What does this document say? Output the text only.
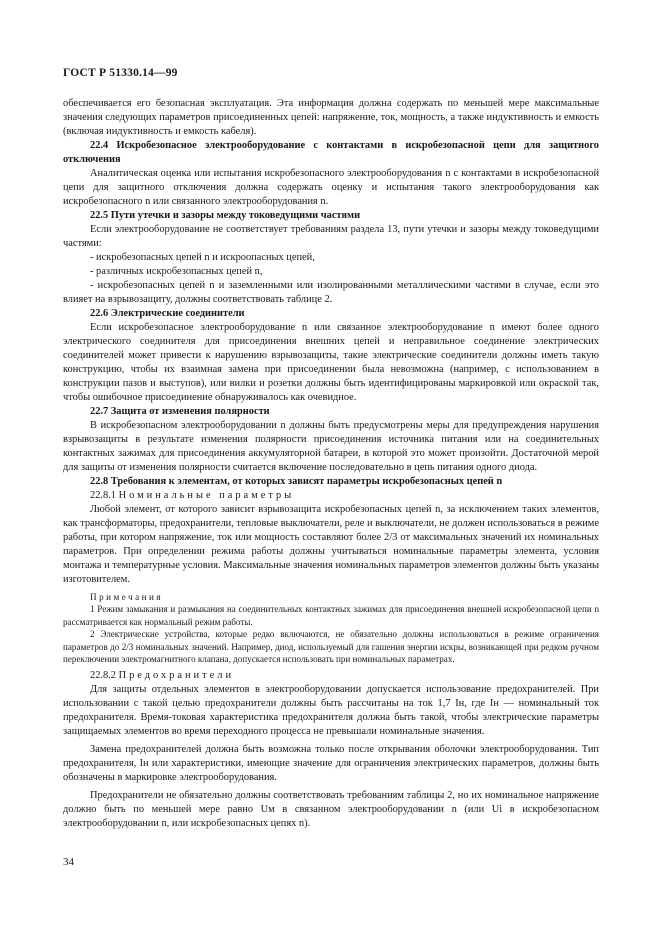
ГОСТ Р 51330.14—99

обеспечивается его безопасная эксплуатация. Эта информация должна содержать по меньшей мере максимальные значения следующих параметров присоединенных цепей: напряжение, ток, мощность, а также индуктивность и емкость (включая индуктивность и емкость кабеля).

22.4 Искробезопасное электрооборудование с контактами в искробезопасной цепи для защитного отключения

Аналитическая оценка или испытания искробезопасного электрооборудования n с контактами в искробезопасной цепи для защитного отключения должна содержать оценку и испытания такого электрооборудования как искробезопасного n или связанного электрооборудования n.

22.5 Пути утечки и зазоры между токоведущими частями

Если электрооборудование не соответствует требованиям раздела 13, пути утечки и зазоры между токоведущими частями:

- искробезопасных цепей n и искроопасных цепей,

- различных искробезопасных цепей n,

- искробезопасных цепей n и заземленными или изолированными металлическими частями в случае, если это влияет на взрывозащиту, должны соответствовать таблице 2.

22.6 Электрические соединители

Если искробезопасное электрооборудование n или связанное электрооборудование n имеют более одного электрического соединителя для присоединения внешних цепей и неправильное соединение электрических соединителей может привести к нарушению взрывозащиты, такие электрические соединители должны иметь такую конструкцию, чтобы их взаимная замена при присоединении была невозможна (например, с использованием в конструкции пазов и выступов), или вилки и розетки должны быть идентифицированы маркировкой или окраской так, чтобы ошибочное присоединение обнаруживалось как очевидное.

22.7 Защита от изменения полярности

В искробезопасном электрооборудовании n должны быть предусмотрены меры для предупреждения нарушения взрывозащиты в результате изменения полярности присоединения источника питания или на соединительных контактных зажимах для присоединения аккумуляторной батареи, в которой это может произойти. Достаточной мерой для защиты от изменения полярности считается включение последовательно в цепь питания одного диода.

22.8 Требования к элементам, от которых зависят параметры искробезопасных цепей n

22.8.1 Номинальные параметры

Любой элемент, от которого зависит взрывозащита искробезопасных цепей n, за исключением таких элементов, как трансформаторы, предохранители, тепловые выключатели, реле и выключатели, не должен использоваться в режиме работы, при котором напряжение, ток или мощность составляют более 2/3 от максимальных значений их номинальных параметров. При определении режима работы должны учитываться номинальные параметры элемента, условия монтажа и температурные условия. Максимальные значения номинальных параметров элементов должны быть указаны изготовителем.

Примечания

1 Режим замыкания и размыкания на соединительных контактных зажимах для присоединения внешней искробезопасной цепи n рассматривается как нормальный режим работы.

2 Электрические устройства, которые редко включаются, не обязательно должны использоваться в режиме ограничения параметров до 2/3 номинальных значений. Например, диод, используемый для гашения энергии искры, возникающей при редком ручном переключении электромагнитного клапана, допускается использовать при номинальных параметрах.

22.8.2 Предохранители

Для защиты отдельных элементов в электрооборудовании допускается использование предохранителей. При использовании с такой целью предохранители должны быть рассчитаны на ток 1,7 Iн, где Iн — номинальный ток предохранителя. Время-токовая характеристика предохранителя должна быть такой, чтобы электрические параметры защищаемых элементов во время переходного процесса не превышали номинальные значения.

Замена предохранителей должна быть возможна только после открывания оболочки электрооборудования. Тип предохранителя, Iн или характеристики, имеющие значение для ограничения электрических параметров, должны быть обозначены в маркировке электрооборудования.

Предохранители не обязательно должны соответствовать требованиям таблицы 2, но их номинальное напряжение должно быть по меньшей мере равно Uм в связанном электрооборудовании n (или Ui в искробезопасном электрооборудовании n, или искробезопасных цепях n).

34
